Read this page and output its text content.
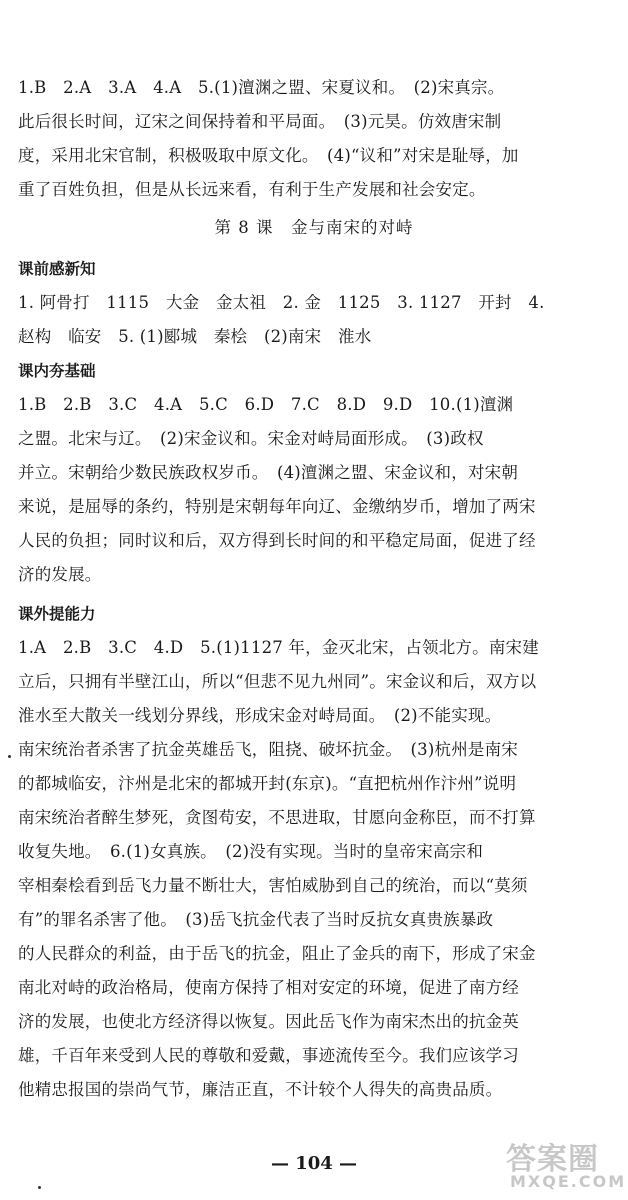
1.B　2.A　3.A　4.A　5.(1)澶渊之盟、宋夏议和。　(2)宋真宗。
此后很长时间，辽宋之间保持着和平局面。　(3)元昊。仿效唐宋制
度，采用北宋官制，积极吸取中原文化。　(4)“议和”对宋是耻辱，加
重了百姓负担，但是从长远来看，有利于生产发展和社会安定。
第 8 课　金与南宋的对峙
课前感新知
1. 阿骨打　1115　大金　金太祖　2. 金　1125　3. 1127　开封　4.
赵构　临安　5. (1)郾城　秦桧　(2)南宋　淮水
课内夯基础
1.B　2.B　3.C　4.A　5.C　6.D　7.C　8.D　9.D　10.(1)澶渊
之盟。北宋与辽。　(2)宋金议和。宋金对峙局面形成。　(3)政权
并立。宋朝给少数民族政权岁币。　(4)澶渊之盟、宋金议和，对宋朝
来说，是屈辱的条约，特别是宋朝每年向辽、金缴纳岁币，增加了两宋
人民的负担；同时议和后，双方得到长时间的和平稳定局面，促进了经
济的发展。
课外提能力
1.A　2.B　3.C　4.D　5.(1)1127 年，金灭北宋，占领北方。南宋建
立后，只拥有半壁江山，所以“但悲不见九州同”。宋金议和后，双方以
淮水至大散关一线划分界线，形成宋金对峙局面。　(2)不能实现。
南宋统治者杀害了抗金英雄岳飞，阻挠、破坏抗金。　(3)杭州是南宋
的都城临安，汴州是北宋的都城开封(东京)。“直把杭州作汴州”说明
南宋统治者醉生梦死，贪图苟安，不思进取，甘愿向金称臣，而不打算
收复失地。　6.(1)女真族。　(2)没有实现。当时的皇帝宋高宗和
宰相秦桧看到岳飞力量不断壮大，害怕威胁到自己的统治，而以“莫须
有”的罪名杀害了他。　(3)岳飞抗金代表了当时反抗女真贵族暴政
的人民群众的利益，由于岳飞的抗金，阻止了金兵的南下，形成了宋金
南北对峙的政治格局，使南方保持了相对安定的环境，促进了南方经
济的发展，也使北方经济得以恢复。因此岳飞作为南宋杰出的抗金英
雄，千百年来受到人民的尊敬和爱戴，事迹流传至今。我们应该学习
他精忠报国的崇尚气节，廉洁正直，不计较个人得失的高贵品质。
— 104 —	答案圈
MXQE.COM
